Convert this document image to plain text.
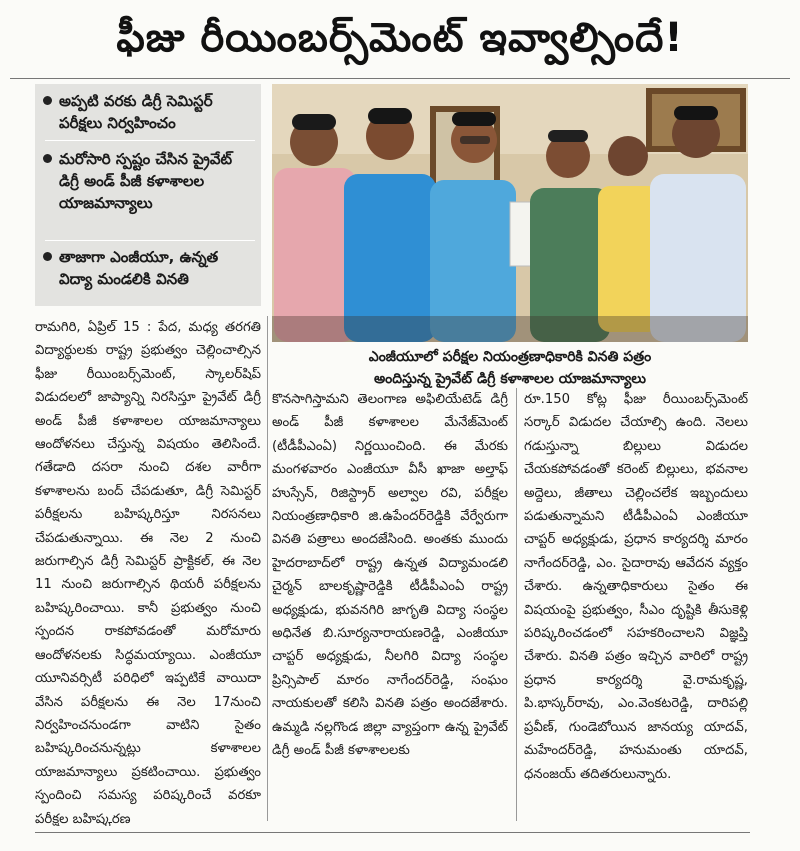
ఫీజు రీయింబర్స్‌మెంట్ ఇవ్వాల్సిందే!
అప్పటి వరకు డిగ్రీ సెమిస్టర్ పరీక్షలు నిర్వహించం
మరోసారి స్పష్టం చేసిన ప్రైవేట్ డిగ్రీ అండ్ పీజీ కళాశాలల యాజమాన్యాలు
తాజాగా ఎంజీయూ, ఉన్నత విద్యా మండలికి వినతి
ఎంజీయూలో పరీక్షల నియంత్రణాధికారికి వినతి పత్రం
అందిస్తున్న ప్రైవేట్ డిగ్రీ కళాశాలల యాజమాన్యాలు

రామగిరి, ఏప్రిల్ 15 : పేద, మధ్య తరగతి విద్యార్థులకు రాష్ట్ర ప్రభుత్వం చెల్లించాల్సిన ఫీజు రీయింబర్స్‌మెంట్, స్కాలర్‌షిప్ విడుదలలో జాప్యాన్ని నిరసిస్తూ ప్రైవేట్ డిగ్రీ అండ్ పీజీ కళాశాలల యాజమాన్యాలు ఆందోళనలు చేస్తున్న విషయం తెలిసిందే. గతేడాది దసరా నుంచి దశల వారీగా కళాశాలను బంద్ చేపడుతూ, డిగ్రీ సెమిస్టర్ పరీక్షలను బహిష్కరిస్తూ నిరసనలు చేపడుతున్నాయి. ఈ నెల 2 నుంచి జరుగాల్సిన డిగ్రీ సెమిస్టర్ ప్రాక్టికల్, ఈ నెల 11 నుంచి జరుగాల్సిన థియరీ పరీక్షలను బహిష్కరించాయి. కానీ ప్రభుత్వం నుంచి స్పందన రాకపోవడంతో మరోమారు ఆందోళనలకు సిద్ధమయ్యాయి. ఎంజీయూ యూనివర్సిటీ పరిధిలో ఇప్పటికే వాయిదా వేసిన పరీక్షలను ఈ నెల 17నుంచి నిర్వహించనుండగా వాటిని సైతం బహిష్కరించనున్నట్లు కళాశాలల యాజమాన్యాలు ప్రకటించాయి. ప్రభుత్వం స్పందించి సమస్య పరిష్కరించే వరకూ పరీక్షల బహిష్కరణ

కొనసాగిస్తామని తెలంగాణ అఫిలియేటెడ్ డిగ్రీ అండ్ పీజీ కళాశాలల మేనేజ్‌మెంట్ (టీడీపీఎంఏ) నిర్ణయించింది. ఈ మేరకు మంగళవారం ఎంజీయూ వీసీ ఖాజా అల్తాఫ్ హుస్సేన్, రిజిస్ట్రార్ అల్వాల రవి, పరీక్షల నియంత్రణాధికారి జి.ఉపేందర్‌రెడ్డికి వేర్వేరుగా వినతి పత్రాలు అందజేసింది. అంతకు ముందు హైదరాబాద్‌లో రాష్ట్ర ఉన్నత విద్యామండలి చైర్మన్ బాలకృష్ణారెడ్డికి టీడీపీఎంఏ రాష్ట్ర అధ్యక్షుడు, భువనగిరి జాగృతి విద్యా సంస్థల అధినేత బి.సూర్యనారాయణరెడ్డి, ఎంజీయూ చాప్టర్ అధ్యక్షుడు, నీలగిరి విద్యా సంస్థల ప్రిన్సిపాల్ మారం నాగేందర్‌రెడ్డి, సంఘం నాయకులతో కలిసి వినతి పత్రం అందజేశారు. ఉమ్మడి నల్లగొండ జిల్లా వ్యాప్తంగా ఉన్న ప్రైవేట్ డిగ్రీ అండ్ పీజీ కళాశాలలకు

రూ.150 కోట్ల ఫీజు రీయింబర్స్‌మెంట్ సర్కార్ విడుదల చేయాల్సి ఉంది. నెలలు గడుస్తున్నా బిల్లులు విడుదల చేయకపోవడంతో కరెంట్ బిల్లులు, భవనాల అద్దెలు, జీతాలు చెల్లించలేక ఇబ్బందులు పడుతున్నామని టీడీపీఎంఏ ఎంజీయూ చాప్టర్ అధ్యక్షుడు, ప్రధాన కార్యదర్శి మారం నాగేందర్‌రెడ్డి, ఎం. సైదారావు ఆవేదన వ్యక్తం చేశారు. ఉన్నతాధికారులు సైతం ఈ విషయంపై ప్రభుత్వం, సీఎం దృష్టికి తీసుకెళ్లి పరిష్కరించడంలో సహకరించాలని విజ్ఞప్తి చేశారు. వినతి పత్రం ఇచ్చిన వారిలో రాష్ట్ర ప్రధాన కార్యదర్శి వై.రామకృష్ణ, పి.భాస్కర్‌రావు, ఎం.వెంకటరెడ్డి, దారిపల్లి ప్రవీణ్, గుండెబోయిన జానయ్య యాదవ్, మహేందర్‌రెడ్డి, హనుమంతు యాదవ్, ధనంజయ్ తదితరులున్నారు.
